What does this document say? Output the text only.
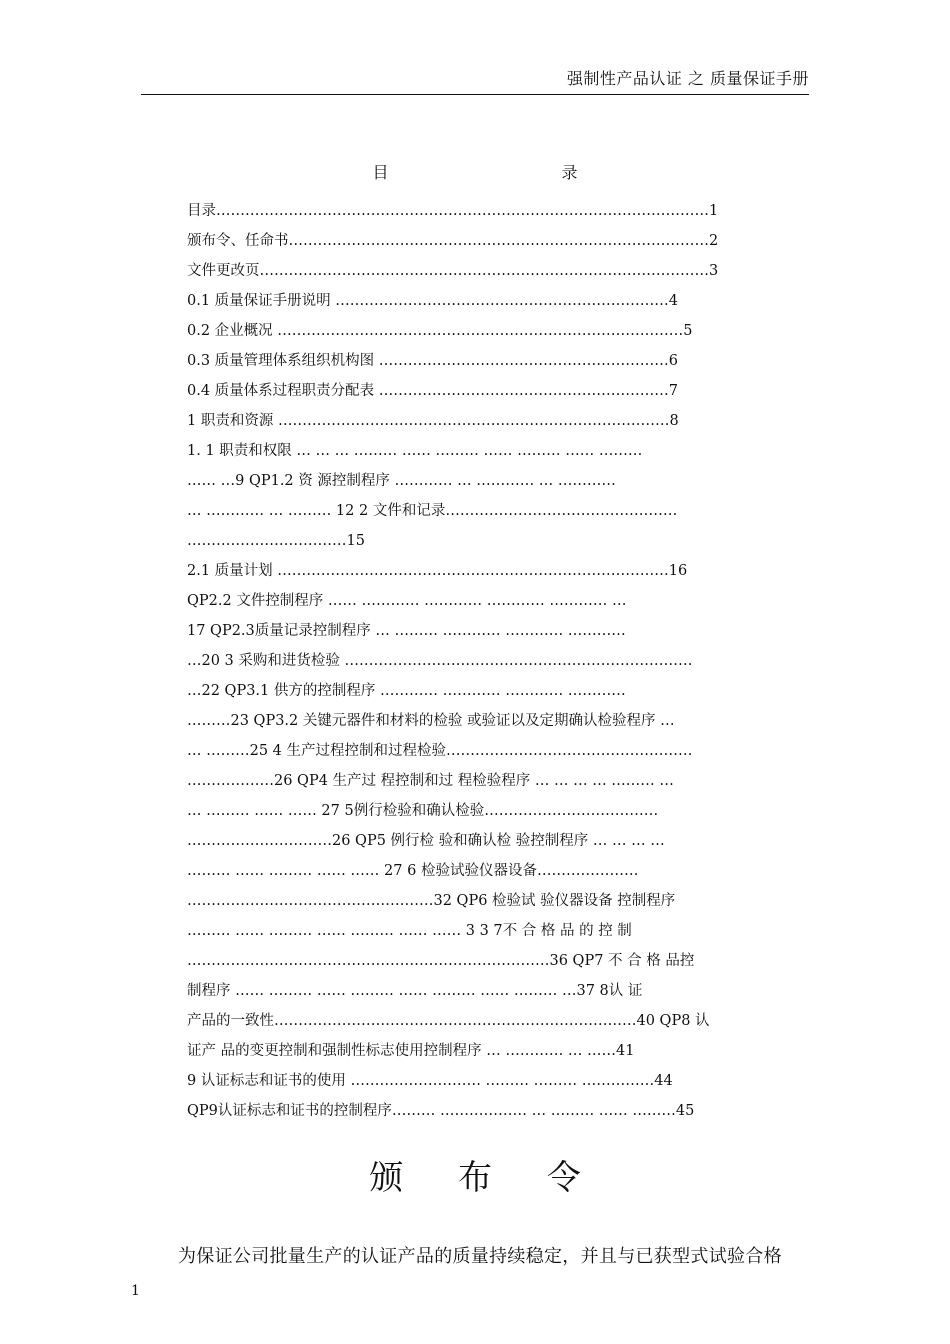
强制性产品认证 之 质量保证手册
目 录
目录…………………………………………………………………………………………1
颁布令、任命书……………………………………………………………………………2
文件更改页…………………………………………………………………………………3
0.1 质量保证手册说明 ……………………………………………………………4
0.2 企业概况 …………………………………………………………………………5
0.3 质量管理体系组织机构图 ……………………………………………………6
0.4 质量体系过程职责分配表 ……………………………………………………7
1 职责和资源 ………………………………………………………………………8
1. 1 职责和权限 … … … ……… …… ……… …… ……… …… ………
…… …9 QP1.2 资 源控制程序 ………… … ………… … …………
… ………… … ……… 12 2 文件和记录…………………………………………
……………………………15
2.1 质量计划 ………………………………………………………………………16
QP2.2 文件控制程序 …… ………… ………… ………… ………… …
17 QP2.3质量记录控制程序 … ……… ………… ………… …………
…20 3 采购和进货检验 ………………………………………………………………
…22 QP3.1 供方的控制程序 ………… ………… ………… …………
………23 QP3.2 关键元器件和材料的检验 或验证以及定期确认检验程序 …
… ………25 4 生产过程控制和过程检验……………………………………………
………………26 QP4 生产过 程控制和过 程检验程序 … … … … ……… …
… ……… …… …… 27 5例行检验和确认检验………………………………
…………………………26 QP5 例行检 验和确认检 验控制程序 … … … …
……… …… ……… …… …… 27 6 检验试验仪器设备…………………
……………………………………………32 QP6 检验试 验仪器设备 控制程序
……… …… ……… …… ……… …… …… 3 3 7不 合 格 品 的 控 制
…………………………………………………………………36 QP7 不 合 格 品控
制程序 …… ……… …… ……… …… ……… …… ……… …37 8认 证
产品的一致性…………………………………………………………………40 QP8 认
证产 品的变更控制和强制性标志使用控制程序 … ………… … ……41
9 认证标志和证书的使用 ……………………… ……… ……… ……………44
QP9认证标志和证书的控制程序……… ……………… … ……… …… ………45
颁 布 令
为保证公司批量生产的认证产品的质量持续稳定，并且与已获型式试验合格
1
